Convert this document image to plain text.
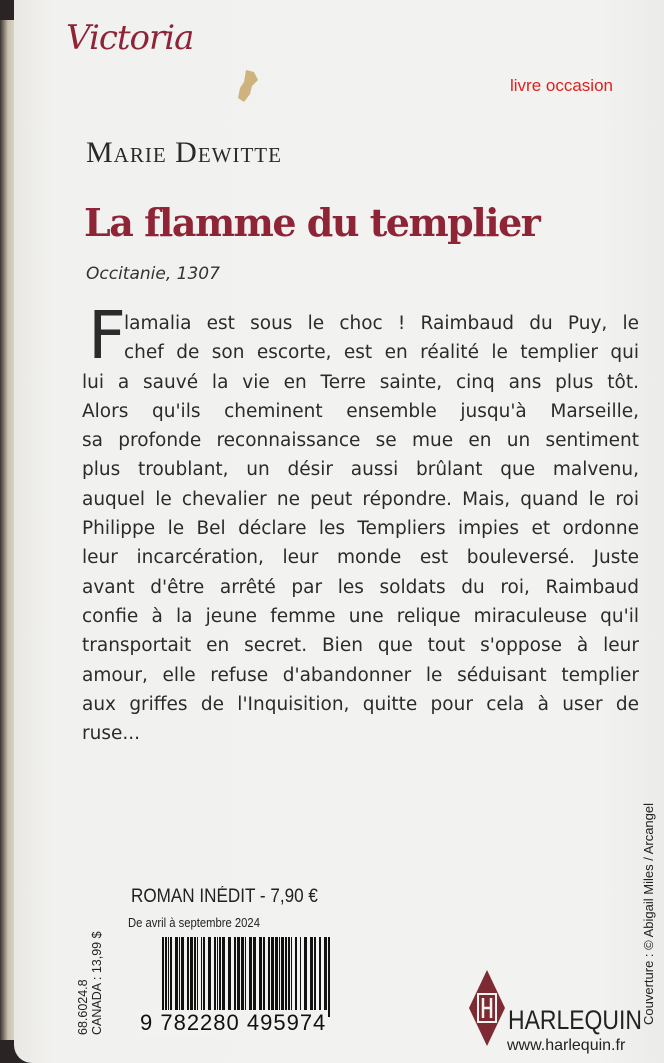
Victoria

livre occasion

Marie Dewitte

La flamme du templier

Occitanie, 1307

F
lamalia est sous le choc ! Raimbaud du Puy, le
chef de son escorte, est en réalité le templier qui
lui a sauvé la vie en Terre sainte, cinq ans plus tôt.
Alors qu'ils cheminent ensemble jusqu'à Marseille,
sa profonde reconnaissance se mue en un sentiment
plus troublant, un désir aussi brûlant que malvenu,
auquel le chevalier ne peut répondre. Mais, quand le roi
Philippe le Bel déclare les Templiers impies et ordonne
leur incarcération, leur monde est bouleversé. Juste
avant d'être arrêté par les soldats du roi, Raimbaud
confie à la jeune femme une relique miraculeuse qu'il
transportait en secret. Bien que tout s'oppose à leur
amour, elle refuse d'abandonner le séduisant templier
aux griffes de l'Inquisition, quitte pour cela à user de
ruse...

ROMAN INÉDIT - 7,90 €

De avril à septembre 2024

9 782280 495974

68.6024.8 CANADA : 13,99 $	HARLEQUIN

www.harlequin.fr

Couverture : © Abigail Miles / Arcangel
